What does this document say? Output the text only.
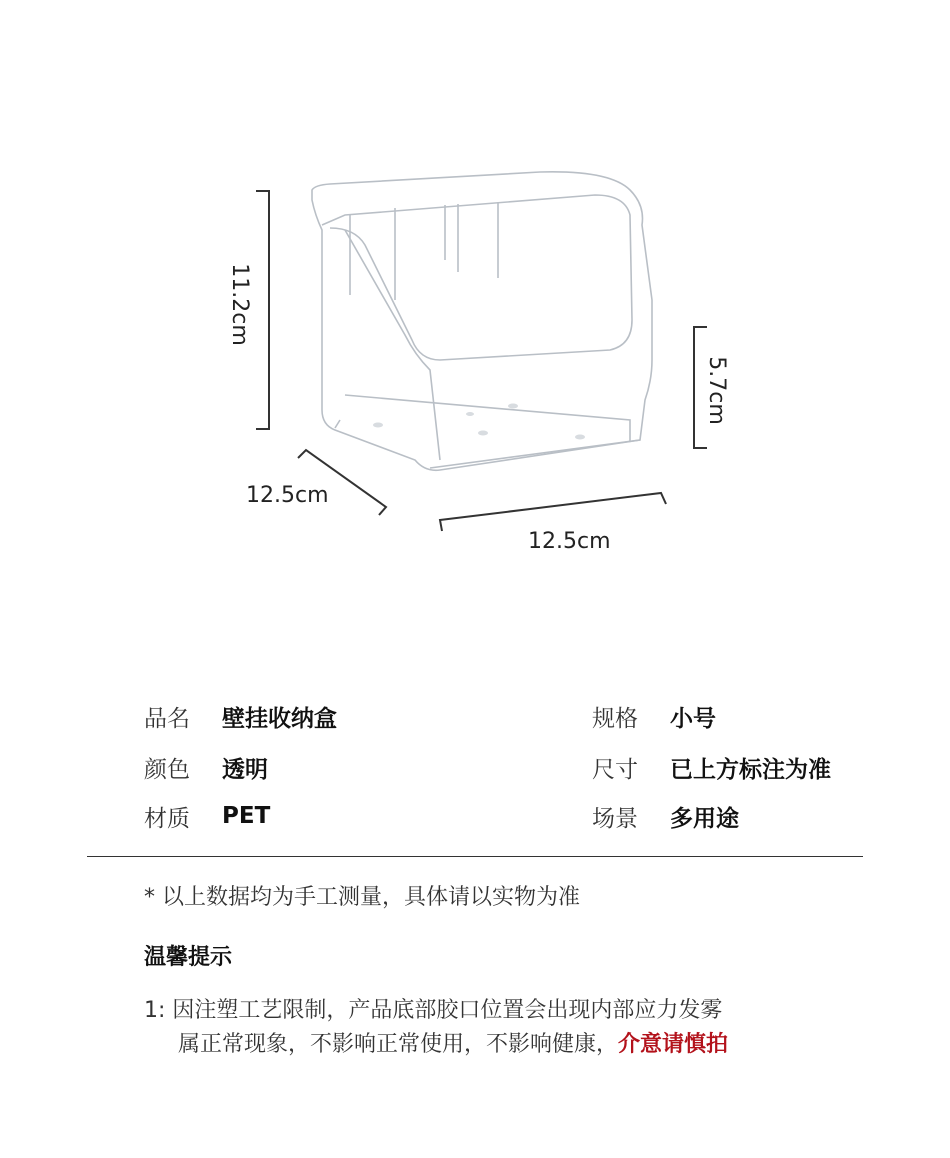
11.2cm
5.7cm
12.5cm
12.5cm
品名	壁挂收纳盒	规格	小号
颜色	透明	尺寸	已上方标注为准
材质	PET	场景	多用途
* 以上数据均为手工测量，具体请以实物为准
温馨提示
1: 因注塑工艺限制，产品底部胶口位置会出现内部应力发雾
属正常现象，不影响正常使用，不影响健康，介意请慎拍
